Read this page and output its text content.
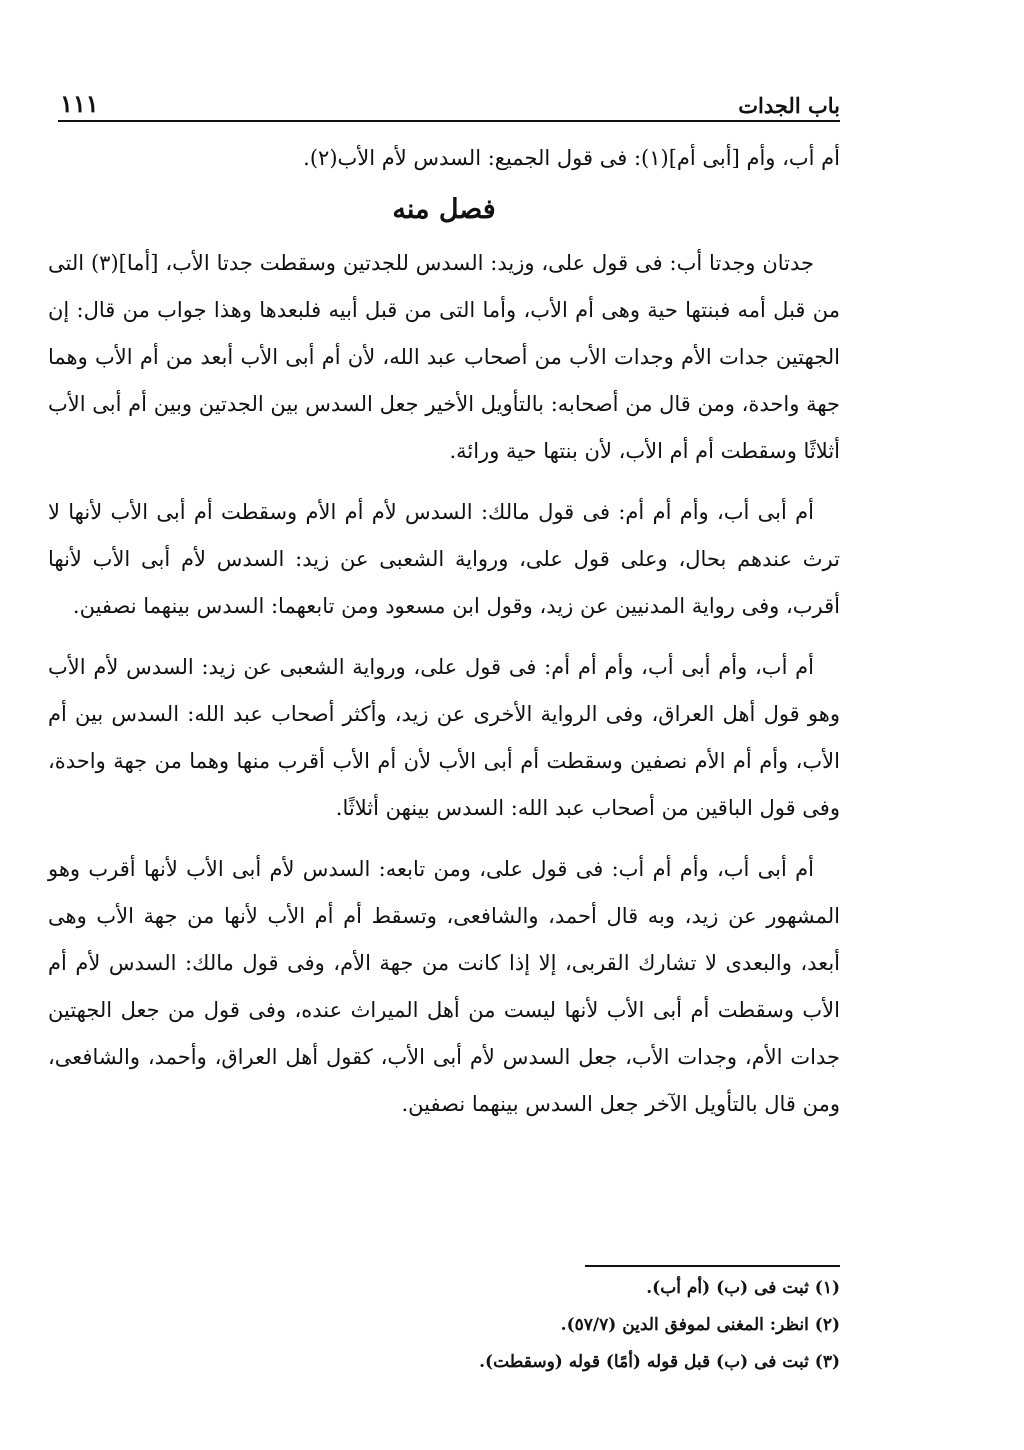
باب الجدات
١١١

أم أب، وأم [أبى أم](١): فى قول الجميع: السدس لأم الأب(٢).

فصل منه

جدتان وجدتا أب: فى قول على، وزيد: السدس للجدتين وسقطت جدتا الأب، [أما](٣) التى من قبل أمه فبنتها حية وهى أم الأب، وأما التى من قبل أبيه فلبعدها وهذا جواب من قال: إن الجهتين جدات الأم وجدات الأب من أصحاب عبد الله، لأن أم أبى الأب أبعد من أم الأب وهما جهة واحدة، ومن قال من أصحابه: بالتأويل الأخير جعل السدس بين الجدتين وبين أم أبى الأب أثلاثًا وسقطت أم أم الأب، لأن بنتها حية ورائة.

أم أبى أب، وأم أم أم: فى قول مالك: السدس لأم أم الأم وسقطت أم أبى الأب لأنها لا ترث عندهم بحال، وعلى قول على، ورواية الشعبى عن زيد: السدس لأم أبى الأب لأنها أقرب، وفى رواية المدنيين عن زيد، وقول ابن مسعود ومن تابعهما: السدس بينهما نصفين.

أم أب، وأم أبى أب، وأم أم أم: فى قول على، ورواية الشعبى عن زيد: السدس لأم الأب وهو قول أهل العراق، وفى الرواية الأخرى عن زيد، وأكثر أصحاب عبد الله: السدس بين أم الأب، وأم أم الأم نصفين وسقطت أم أبى الأب لأن أم الأب أقرب منها وهما من جهة واحدة، وفى قول الباقين من أصحاب عبد الله: السدس بينهن أثلاثًا.

أم أبى أب، وأم أم أب: فى قول على، ومن تابعه: السدس لأم أبى الأب لأنها أقرب وهو المشهور عن زيد، وبه قال أحمد، والشافعى، وتسقط أم أم الأب لأنها من جهة الأب وهى أبعد، والبعدى لا تشارك القربى، إلا إذا كانت من جهة الأم، وفى قول مالك: السدس لأم أم الأب وسقطت أم أبى الأب لأنها ليست من أهل الميراث عنده، وفى قول من جعل الجهتين جدات الأم، وجدات الأب، جعل السدس لأم أبى الأب، كقول أهل العراق، وأحمد، والشافعى، ومن قال بالتأويل الآخر جعل السدس بينهما نصفين.

(١) ثبت فى (ب) (أم أب).
(٢) انظر: المغنى لموفق الدين (٥٧/٧).
(٣) ثبت فى (ب) قبل قوله (أمًا) قوله (وسقطت).
